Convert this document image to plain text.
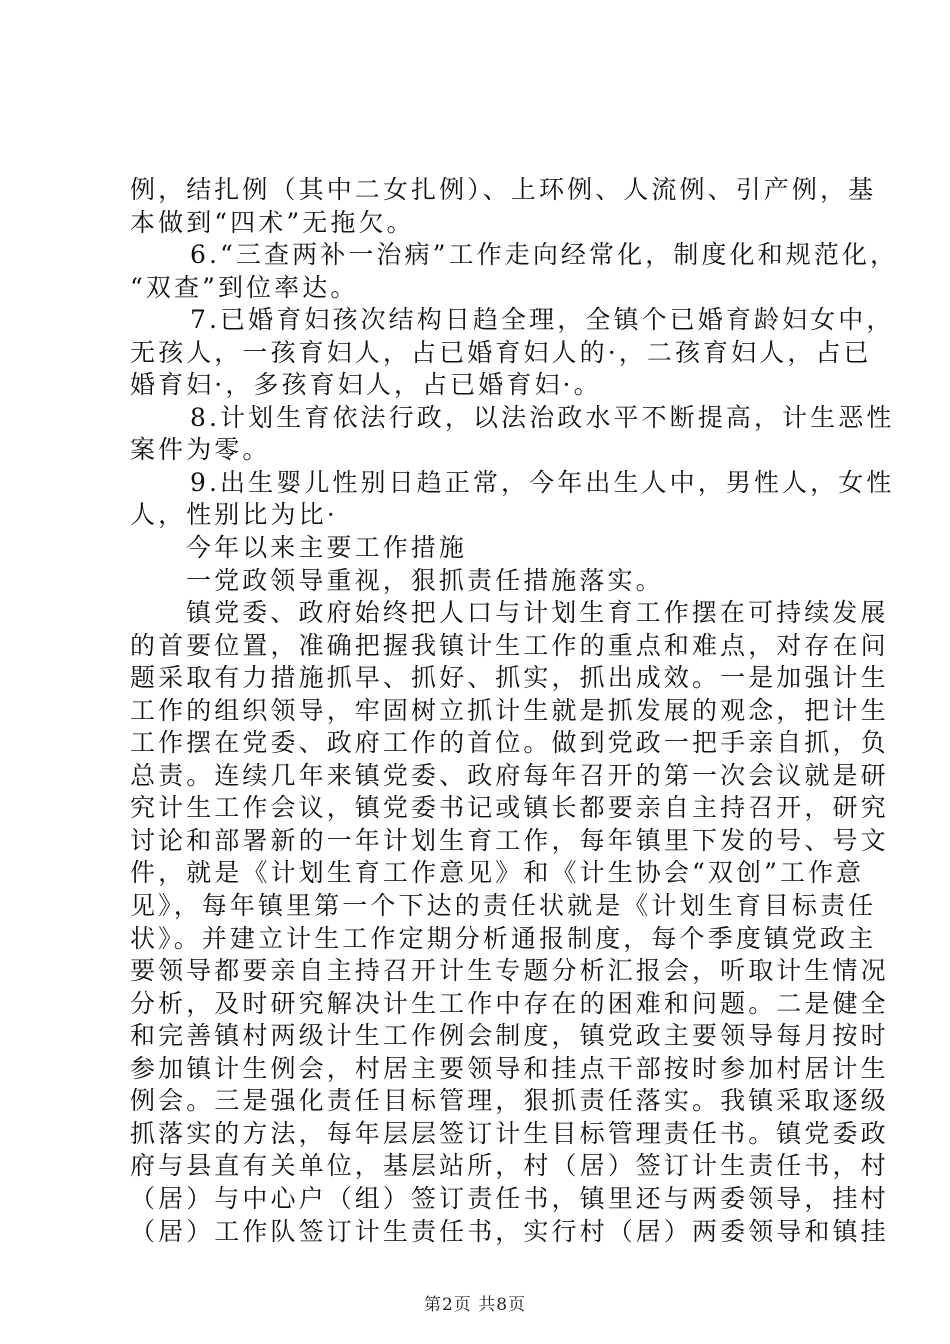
例，结扎例（其中二女扎例）、上环例、人流例、引产例，基
本做到“四术”无拖欠。
6.“三查两补一治病”工作走向经常化，制度化和规范化，
“双查”到位率达。
7.已婚育妇孩次结构日趋全理，全镇个已婚育龄妇女中，
无孩人，一孩育妇人，占已婚育妇人的·，二孩育妇人，占已
婚育妇·，多孩育妇人，占已婚育妇·。
8.计划生育依法行政，以法治政水平不断提高，计生恶性
案件为零。
9.出生婴儿性别日趋正常，今年出生人中，男性人，女性
人，性别比为比·
今年以来主要工作措施
一党政领导重视，狠抓责任措施落实。
镇党委、政府始终把人口与计划生育工作摆在可持续发展
的首要位置，准确把握我镇计生工作的重点和难点，对存在问
题采取有力措施抓早、抓好、抓实，抓出成效。一是加强计生
工作的组织领导，牢固树立抓计生就是抓发展的观念，把计生
工作摆在党委、政府工作的首位。做到党政一把手亲自抓，负
总责。连续几年来镇党委、政府每年召开的第一次会议就是研
究计生工作会议，镇党委书记或镇长都要亲自主持召开，研究
讨论和部署新的一年计划生育工作，每年镇里下发的号、号文
件，就是《计划生育工作意见》和《计生协会“双创”工作意
见》，每年镇里第一个下达的责任状就是《计划生育目标责任
状》。并建立计生工作定期分析通报制度，每个季度镇党政主
要领导都要亲自主持召开计生专题分析汇报会，听取计生情况
分析，及时研究解决计生工作中存在的困难和问题。二是健全
和完善镇村两级计生工作例会制度，镇党政主要领导每月按时
参加镇计生例会，村居主要领导和挂点干部按时参加村居计生
例会。三是强化责任目标管理，狠抓责任落实。我镇采取逐级
抓落实的方法，每年层层签订计生目标管理责任书。镇党委政
府与县直有关单位，基层站所，村（居）签订计生责任书，村
（居）与中心户（组）签订责任书，镇里还与两委领导，挂村
（居）工作队签订计生责任书，实行村（居）两委领导和镇挂
第2页 共8页
